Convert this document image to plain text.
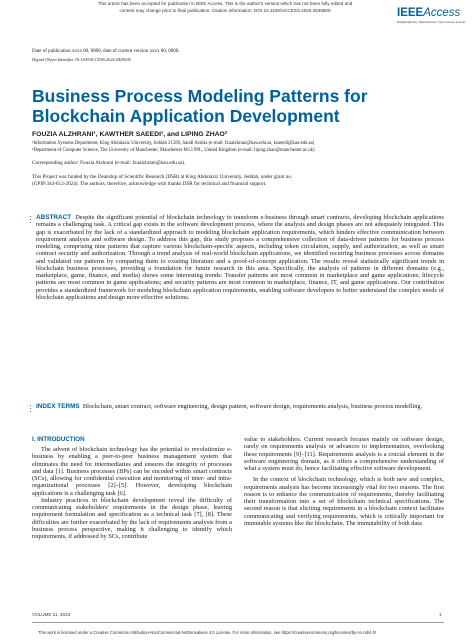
This article has been accepted for publication in IEEE Access. This is the author's version which has not been fully edited and
content may change prior to final publication. Citation information: DOI 10.1109/ACCESS.2025.3535809	IEEEAccess
Multidisciplinary | Rapid Review | Open Access Journal
Date of publication xxxx 00, 0000, date of current version xxxx 00, 0000.
Digital Object Identifier 10.1109/ACCESS.2024.0429000
Business Process Modeling Patterns for Blockchain Application Development
FOUZIA ALZHRANI¹, KAWTHER SAEEDI¹, and LIPING ZHAO²
¹Information Systems Department, King Abdulaziz University, Jeddah 21589, Saudi Arabia (e-mail: fzualzhrani@kau.edu.sa, ksaeedi@kau.edu.sa)
²Department of Computer Science, The University of Manchester, Manchester M13 9PL, United Kingdom (e-mail: liping.zhao@manchester.ac.uk)
Corresponding author: Fouzia Alzhrani (e-mail: fzualzhrani@kau.edu.sa).
This Project was funded by the Deanship of Scientific Research (DSR) at King Abdulaziz University, Jeddah, under grant no.
(GPIP:344-612-2024). The authors, therefore, acknowledge with thanks DSR for technical and financial support.
ABSTRACT Despite the significant potential of blockchain technology to transform e-business through smart contracts, developing blockchain applications remains a challenging task. A critical gap exists in the software development process, where the analysis and design phases are not adequately integrated. This gap is exacerbated by the lack of a standardized approach to modeling blockchain application requirements, which hinders effective communication between requirement analysis and software design. To address this gap, this study proposes a comprehensive collection of data-driven patterns for business process modeling, comprising nine patterns that capture various blockchain-specific aspects, including token circulation, supply, and authorization, as well as smart contract security and authorization. Through a trend analysis of real-world blockchain applications, we identified recurring business processes across domains and validated our patterns by comparing them to existing literature and a proof-of-concept application. The results reveal statistically significant trends in blockchain business processes, providing a foundation for future research in this area. Specifically, the analysis of patterns in different domains (e.g., marketplace, game, finance, and media) shows some interesting trends: Transfer patterns are most common in marketplace and game applications; lifecycle patterns are most common in game applications; and security patterns are most common in marketplace, finance, IT, and game applications. Our contribution provides a standardized framework for modeling blockchain application requirements, enabling software developers to better understand the complex needs of blockchain applications and design more effective solutions.
INDEX TERMS Blockchain, smart contract, software engineering, design pattern, software design, requirements analysis, business process modelling.
I. INTRODUCTION

The advent of blockchain technology has the potential to revolutionize e-business by enabling a peer-to-peer business management system that eliminates the need for intermediaries and ensures the integrity of processes and data [1]. Business processes (BPs) can be encoded within smart contracts (SCs), allowing for confidential execution and monitoring of inter- and intra-organizational processes [2]–[5]. However, developing blockchain applications is a challenging task [6].

Industry practices in blockchain development reveal the difficulty of communicating stakeholders' requirements in the design phase, leaving requirement formulation and specification as a technical task [7], [8]. These difficulties are further exacerbated by the lack of requirements analysis from a business process perspective, making it challenging to identify which requirements, if addressed by SCs, contribute

value to stakeholders. Current research focuses mainly on software design, rarely on requirements analysis or advances to implementation, overlooking these requirements [9]–[11]. Requirements analysis is a crucial element in the software engineering domain, as it offers a comprehensive understanding of what a system must do, hence facilitating effective software development.

In the context of blockchain technology, which is both new and complex, requirements analysis has become increasingly vital for two reasons. The first reason is to enhance the communication of requirements, thereby facilitating their transformation into a set of blockchain technical specifications. The second reason is that eliciting requirements in a blockchain context facilitates communicating and verifying requirements, which is critically important for immutable systems like the blockchain. The immutability of both data

VOLUME 11, 2023	1
This work is licensed under a Creative Commons Attribution-NonCommercial-NoDerivatives 4.0 License. For more information, see https://creativecommons.org/licenses/by-nc-nd/4.0/
